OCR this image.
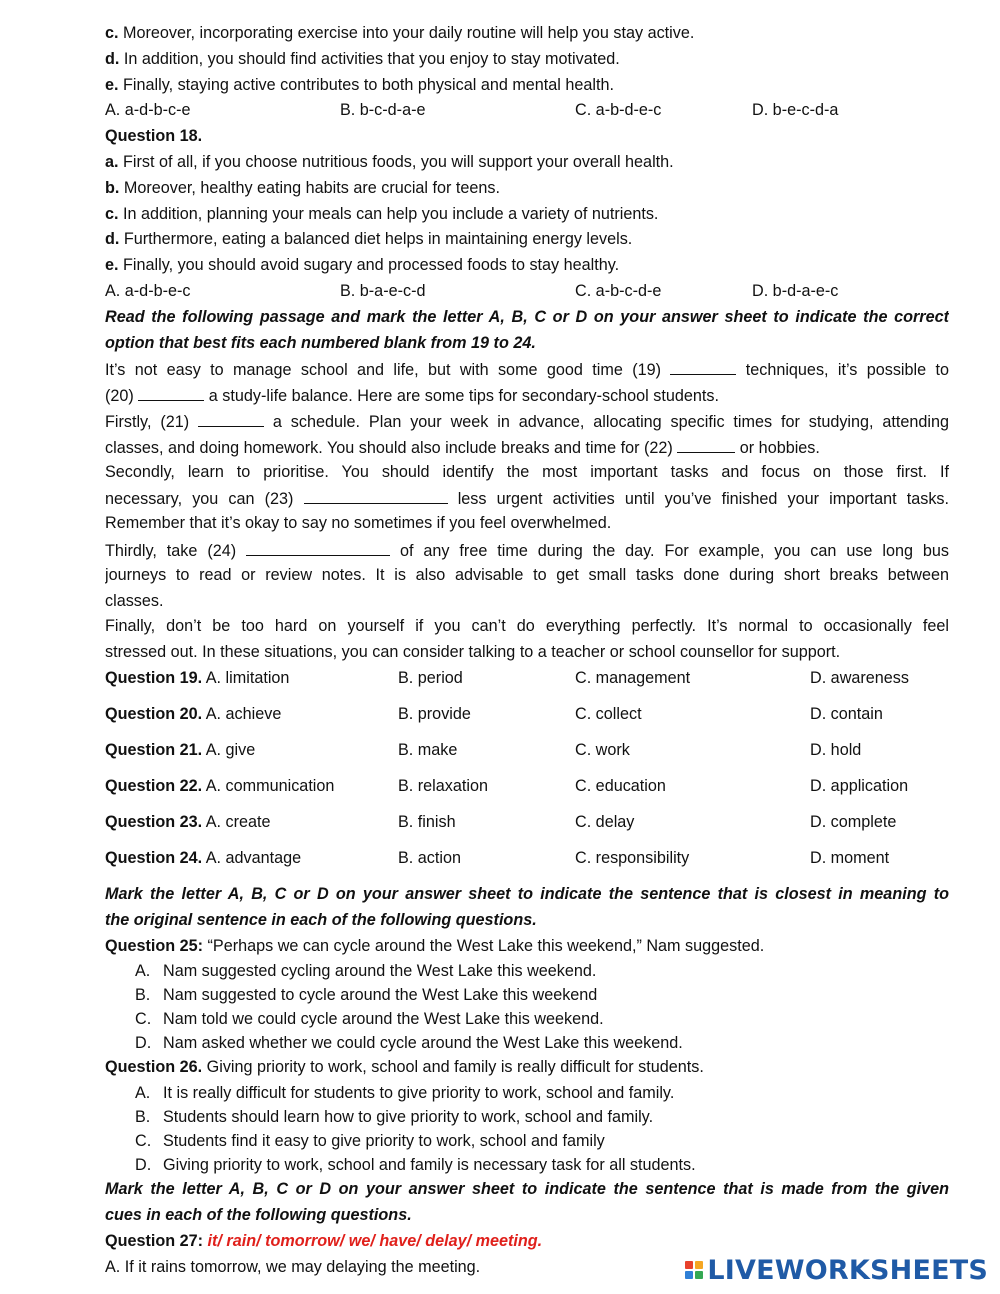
c. Moreover, incorporating exercise into your daily routine will help you stay active.
d. In addition, you should find activities that you enjoy to stay motivated.
e. Finally, staying active contributes to both physical and mental health.
A. a-d-b-c-e	B. b-c-d-a-e	C. a-b-d-e-c	D. b-e-c-d-a
Question 18.
a. First of all, if you choose nutritious foods, you will support your overall health.
b. Moreover, healthy eating habits are crucial for teens.
c. In addition, planning your meals can help you include a variety of nutrients.
d. Furthermore, eating a balanced diet helps in maintaining energy levels.
e. Finally, you should avoid sugary and processed foods to stay healthy.
A. a-d-b-e-c	B. b-a-e-c-d	C. a-b-c-d-e	D. b-d-a-e-c
Read the following passage and mark the letter A, B, C or D on your answer sheet to indicate the correct
option that best fits each numbered blank from 19 to 24.
It’s not easy to manage school and life, but with some good time (19)	techniques, it’s possible to
(20)	a study-life balance. Here are some tips for secondary-school students.
Firstly, (21)	a schedule. Plan your week in advance, allocating specific times for studying, attending
classes, and doing homework. You should also include breaks and time for (22)	or hobbies.
Secondly, learn to prioritise. You should identify the most important tasks and focus on those first. If
necessary, you can (23)	less urgent activities until you’ve finished your important tasks.
Remember that it’s okay to say no sometimes if you feel overwhelmed.
Thirdly, take (24)	of any free time during the day. For example, you can use long bus
journeys to read or review notes. It is also advisable to get small tasks done during short breaks between
classes.
Finally, don’t be too hard on yourself if you can’t do everything perfectly. It’s normal to occasionally feel
stressed out. In these situations, you can consider talking to a teacher or school counsellor for support.
Question 19. A. limitation	B. period	C. management	D. awareness
Question 20. A. achieve	B. provide	C. collect	D. contain
Question 21. A. give	B. make	C. work	D. hold
Question 22. A. communication	B. relaxation	C. education	D. application
Question 23. A. create	B. finish	C. delay	D. complete
Question 24. A. advantage	B. action	C. responsibility	D. moment
Mark the letter A, B, C or D on your answer sheet to indicate the sentence that is closest in meaning to
the original sentence in each of the following questions.
Question 25: “Perhaps we can cycle around the West Lake this weekend,” Nam suggested.
A. Nam suggested cycling around the West Lake this weekend.
B. Nam suggested to cycle around the West Lake this weekend
C. Nam told we could cycle around the West Lake this weekend.
D. Nam asked whether we could cycle around the West Lake this weekend.
Question 26. Giving priority to work, school and family is really difficult for students.
A. It is really difficult for students to give priority to work, school and family.
B. Students should learn how to give priority to work, school and family.
C. Students find it easy to give priority to work, school and family
D. Giving priority to work, school and family is necessary task for all students.
Mark the letter A, B, C or D on your answer sheet to indicate the sentence that is made from the given
cues in each of the following questions.
Question 27: it/ rain/ tomorrow/ we/ have/ delay/ meeting.
A. If it rains tomorrow, we may delaying the meeting.	LIVEWORKSHEETS
